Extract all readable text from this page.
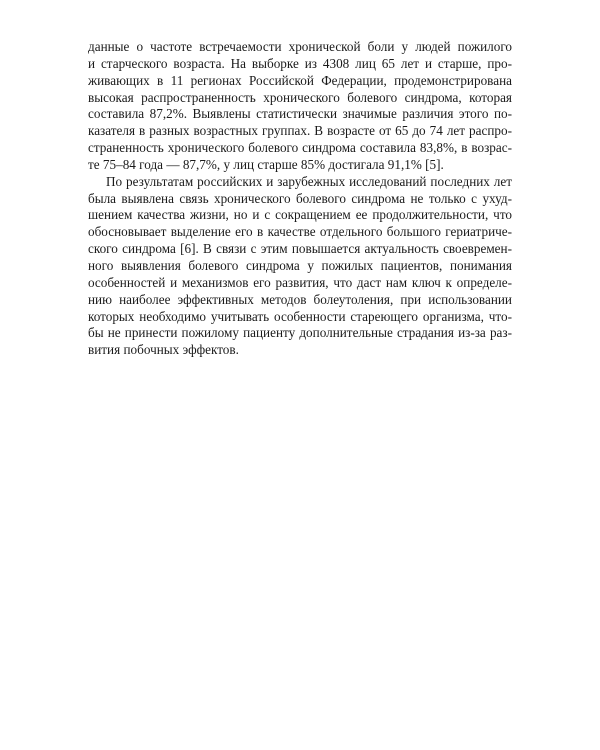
данные о частоте встречаемости хронической боли у людей пожилого
и старческого возраста. На выборке из 4308 лиц 65 лет и старше, про-
живающих в 11 регионах Российской Федерации, продемонстрирована
высокая распространенность хронического болевого синдрома, которая
составила 87,2%. Выявлены статистически значимые различия этого по-
казателя в разных возрастных группах. В возрасте от 65 до 74 лет распро-
страненность хронического болевого синдрома составила 83,8%, в возрас-
те 75–84 года — 87,7%, у лиц старше 85% достигала 91,1% [5].
По результатам российских и зарубежных исследований последних лет
была выявлена связь хронического болевого синдрома не только с ухуд-
шением качества жизни, но и с сокращением ее продолжительности, что
обосновывает выделение его в качестве отдельного большого гериатриче-
ского синдрома [6]. В связи с этим повышается актуальность своевремен-
ного выявления болевого синдрома у пожилых пациентов, понимания
особенностей и механизмов его развития, что даст нам ключ к определе-
нию наиболее эффективных методов болеутоления, при использовании
которых необходимо учитывать особенности стареющего организма, что-
бы не принести пожилому пациенту дополнительные страдания из-за раз-
вития побочных эффектов.
